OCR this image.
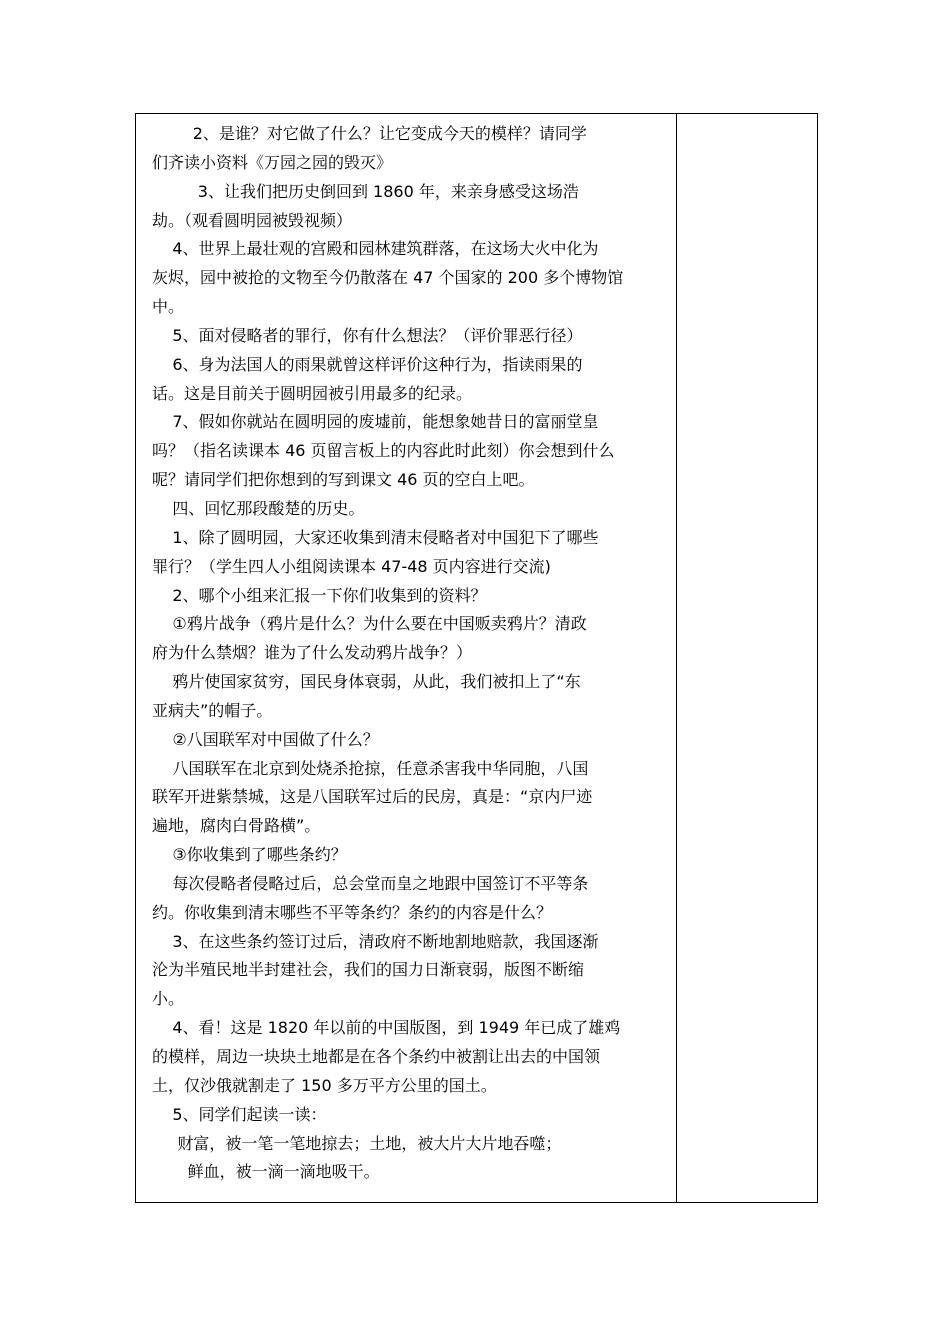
2、是谁？对它做了什么？让它变成今天的模样？请同学
们齐读小资料《万园之园的毁灭》
3、让我们把历史倒回到 1860 年，来亲身感受这场浩
劫。（观看圆明园被毁视频）
4、世界上最壮观的宫殿和园林建筑群落，在这场大火中化为
灰烬，园中被抢的文物至今仍散落在 47 个国家的 200 多个博物馆
中。
5、面对侵略者的罪行，你有什么想法？（评价罪恶行径）
6、身为法国人的雨果就曾这样评价这种行为，指读雨果的
话。这是目前关于圆明园被引用最多的纪录。
7、假如你就站在圆明园的废墟前，能想象她昔日的富丽堂皇
吗？（指名读课本 46 页留言板上的内容此时此刻）你会想到什么
呢？请同学们把你想到的写到课文 46 页的空白上吧。
四、回忆那段酸楚的历史。
1、除了圆明园，大家还收集到清末侵略者对中国犯下了哪些
罪行？（学生四人小组阅读课本 47-48 页内容进行交流)
2、哪个小组来汇报一下你们收集到的资料？
①鸦片战争（鸦片是什么？为什么要在中国贩卖鸦片？清政
府为什么禁烟？谁为了什么发动鸦片战争？）
鸦片使国家贫穷，国民身体衰弱，从此，我们被扣上了“东
亚病夫”的帽子。
②八国联军对中国做了什么？
八国联军在北京到处烧杀抢掠，任意杀害我中华同胞，八国
联军开进紫禁城，这是八国联军过后的民房，真是：“京内尸迹
遍地，腐肉白骨路横”。
③你收集到了哪些条约？
每次侵略者侵略过后，总会堂而皇之地跟中国签订不平等条
约。你收集到清末哪些不平等条约？条约的内容是什么？
3、在这些条约签订过后，清政府不断地割地赔款，我国逐渐
沦为半殖民地半封建社会，我们的国力日渐衰弱，版图不断缩
小。
4、看！这是 1820 年以前的中国版图，到 1949 年已成了雄鸡
的模样，周边一块块土地都是在各个条约中被割让出去的中国领
土，仅沙俄就割走了 150 多万平方公里的国土。
5、同学们起读一读：
财富，被一笔一笔地掠去；土地，被大片大片地吞噬；
鲜血，被一滴一滴地吸干。
